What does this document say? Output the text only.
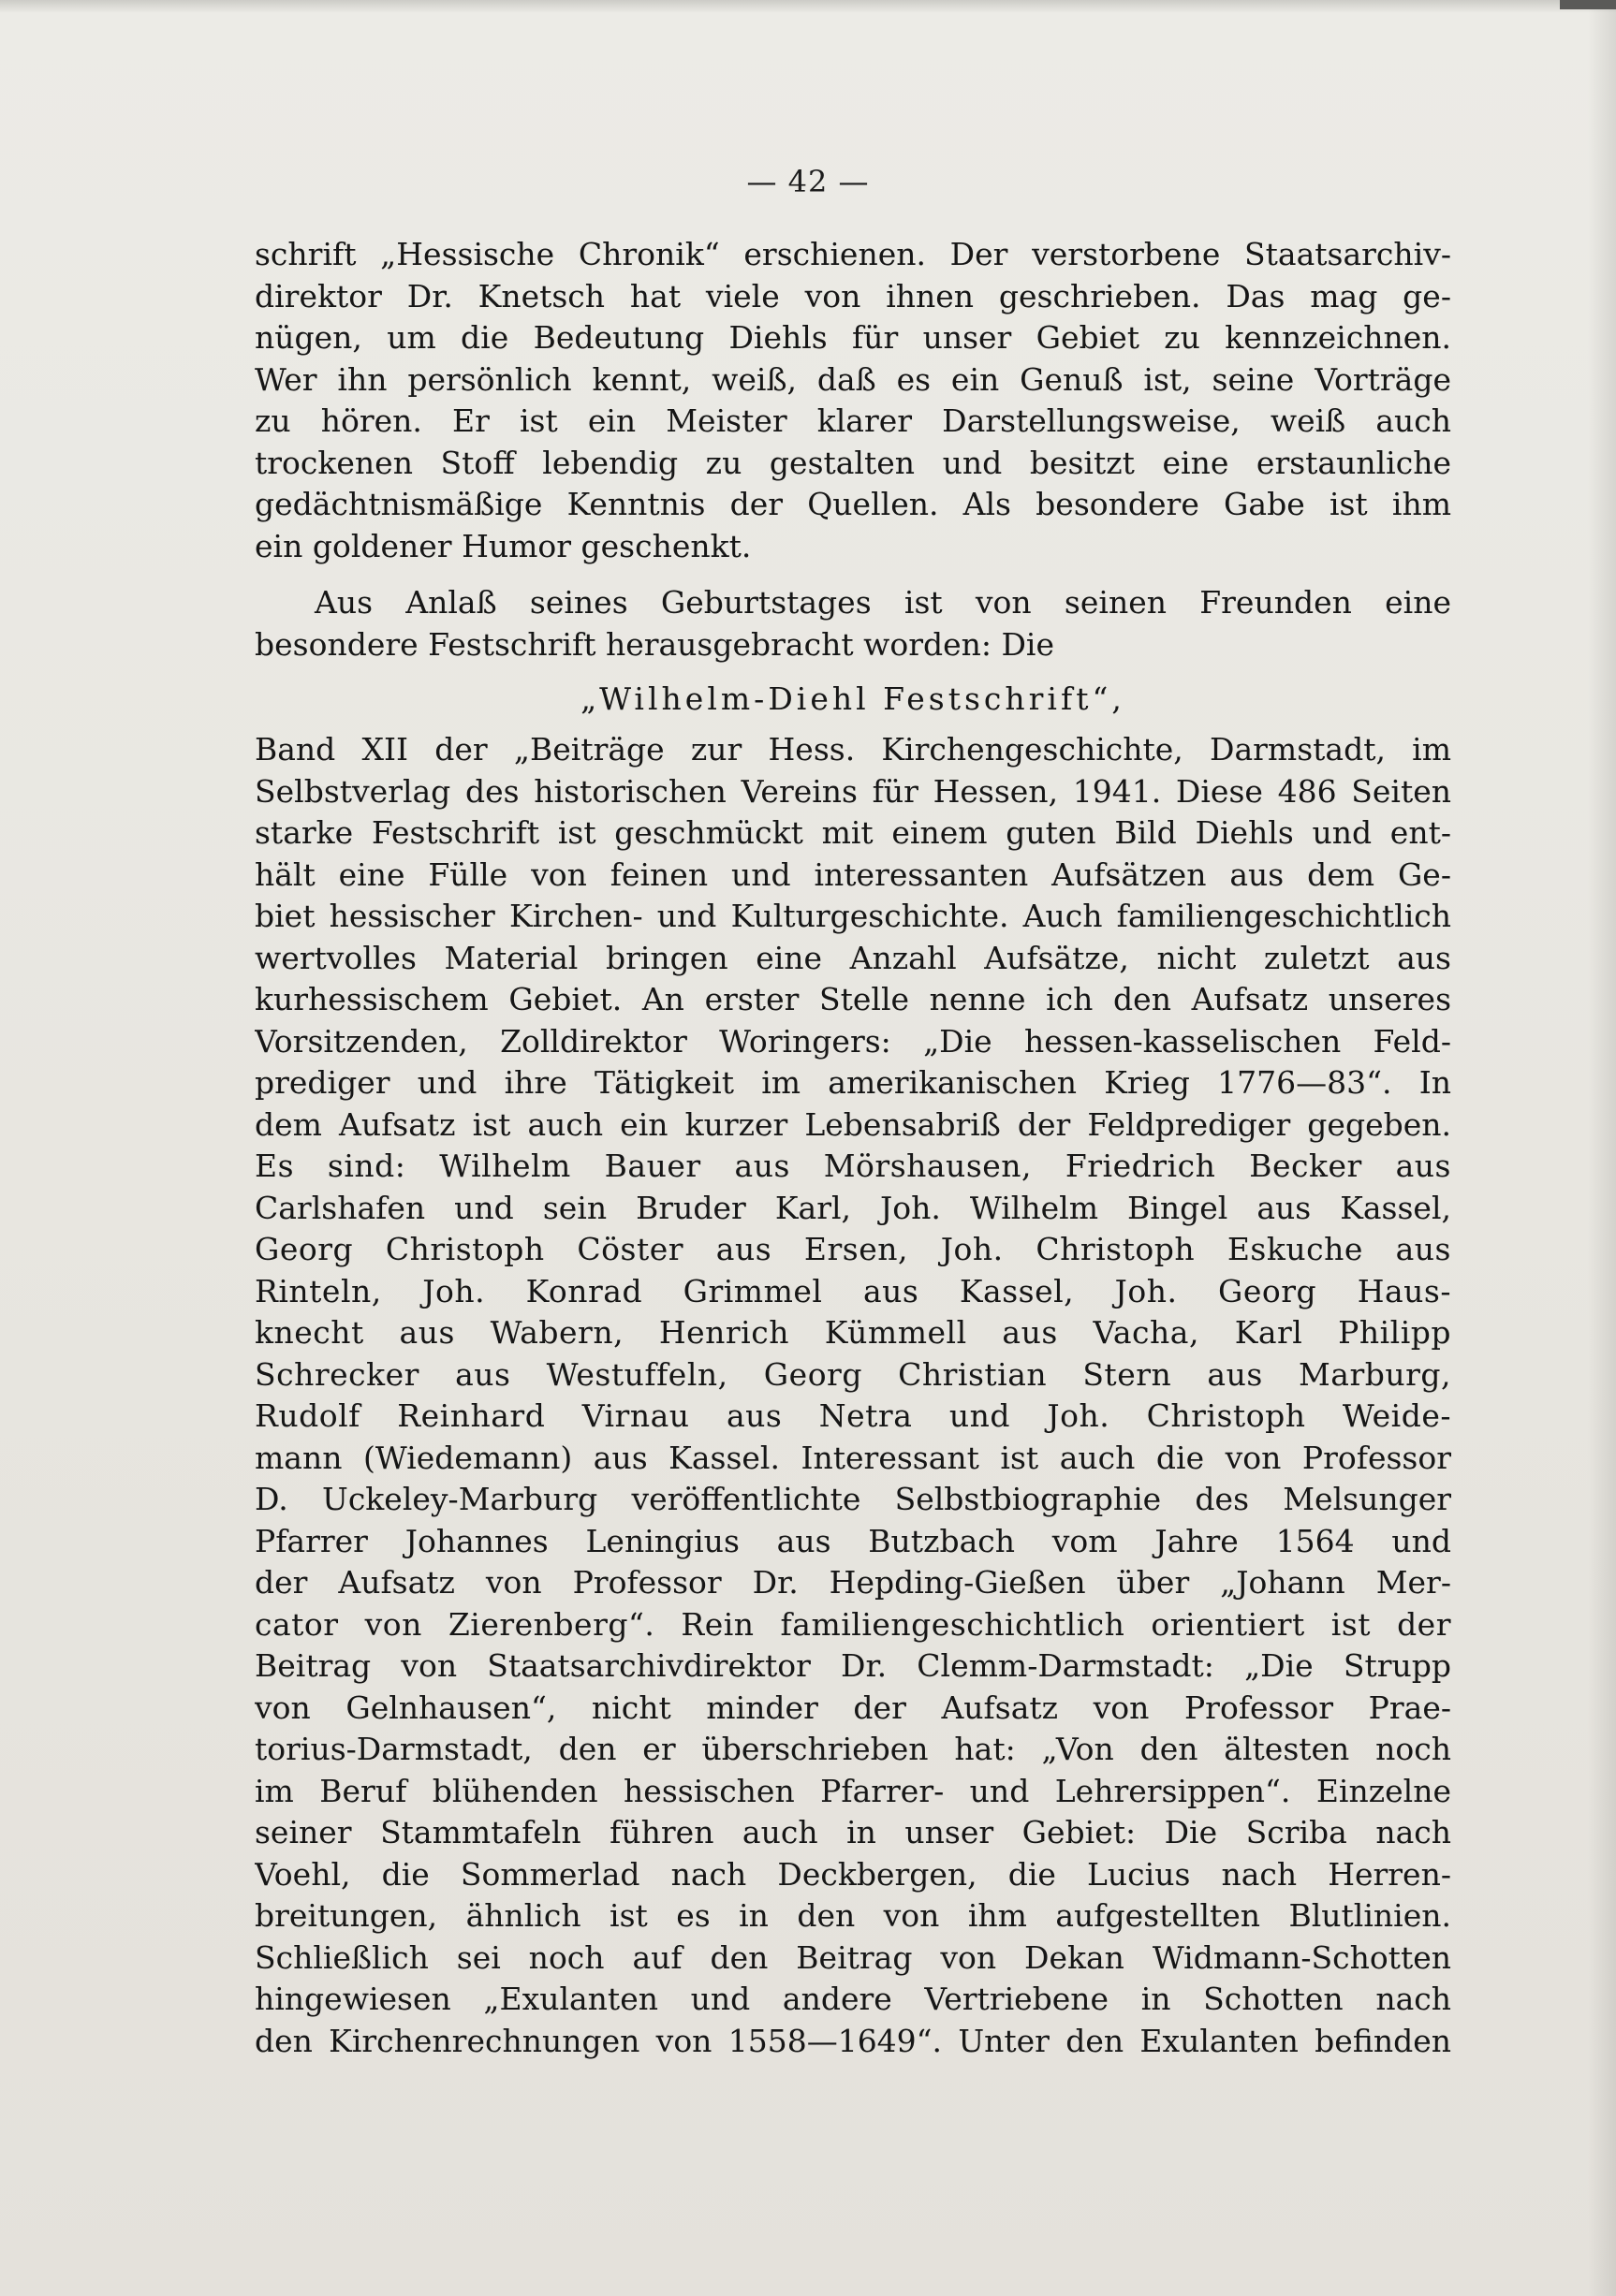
— 42 —
schrift „Hessische Chronik“ erschienen. Der verstorbene Staatsarchiv-
direktor Dr. Knetsch hat viele von ihnen geschrieben. Das mag ge-
nügen, um die Bedeutung Diehls für unser Gebiet zu kennzeichnen.
Wer ihn persönlich kennt, weiß, daß es ein Genuß ist, seine Vorträge
zu hören. Er ist ein Meister klarer Darstellungsweise, weiß auch
trockenen Stoff lebendig zu gestalten und besitzt eine erstaunliche
gedächtnismäßige Kenntnis der Quellen. Als besondere Gabe ist ihm
ein goldener Humor geschenkt.
Aus Anlaß seines Geburtstages ist von seinen Freunden eine
besondere Festschrift herausgebracht worden: Die
„Wilhelm-Diehl Festschrift“,
Band XII der „Beiträge zur Hess. Kirchengeschichte, Darmstadt, im
Selbstverlag des historischen Vereins für Hessen, 1941. Diese 486 Seiten
starke Festschrift ist geschmückt mit einem guten Bild Diehls und ent-
hält eine Fülle von feinen und interessanten Aufsätzen aus dem Ge-
biet hessischer Kirchen- und Kulturgeschichte. Auch familiengeschichtlich
wertvolles Material bringen eine Anzahl Aufsätze, nicht zuletzt aus
kurhessischem Gebiet. An erster Stelle nenne ich den Aufsatz unseres
Vorsitzenden, Zolldirektor Woringers: „Die hessen-kasselischen Feld-
prediger und ihre Tätigkeit im amerikanischen Krieg 1776—83“. In
dem Aufsatz ist auch ein kurzer Lebensabriß der Feldprediger gegeben.
Es sind: Wilhelm Bauer aus Mörshausen, Friedrich Becker aus
Carlshafen und sein Bruder Karl, Joh. Wilhelm Bingel aus Kassel,
Georg Christoph Cöster aus Ersen, Joh. Christoph Eskuche aus
Rinteln, Joh. Konrad Grimmel aus Kassel, Joh. Georg Haus-
knecht aus Wabern, Henrich Kümmell aus Vacha, Karl Philipp
Schrecker aus Westuffeln, Georg Christian Stern aus Marburg,
Rudolf Reinhard Virnau aus Netra und Joh. Christoph Weide-
mann (Wiedemann) aus Kassel. Interessant ist auch die von Professor
D. Uckeley-Marburg veröffentlichte Selbstbiographie des Melsunger
Pfarrer Johannes Leningius aus Butzbach vom Jahre 1564 und
der Aufsatz von Professor Dr. Hepding-Gießen über „Johann Mer-
cator von Zierenberg“. Rein familiengeschichtlich orientiert ist der
Beitrag von Staatsarchivdirektor Dr. Clemm-Darmstadt: „Die Strupp
von Gelnhausen“, nicht minder der Aufsatz von Professor Prae-
torius-Darmstadt, den er überschrieben hat: „Von den ältesten noch
im Beruf blühenden hessischen Pfarrer- und Lehrersippen“. Einzelne
seiner Stammtafeln führen auch in unser Gebiet: Die Scriba nach
Voehl, die Sommerlad nach Deckbergen, die Lucius nach Herren-
breitungen, ähnlich ist es in den von ihm aufgestellten Blutlinien.
Schließlich sei noch auf den Beitrag von Dekan Widmann-Schotten
hingewiesen „Exulanten und andere Vertriebene in Schotten nach
den Kirchenrechnungen von 1558—1649“. Unter den Exulanten befinden
